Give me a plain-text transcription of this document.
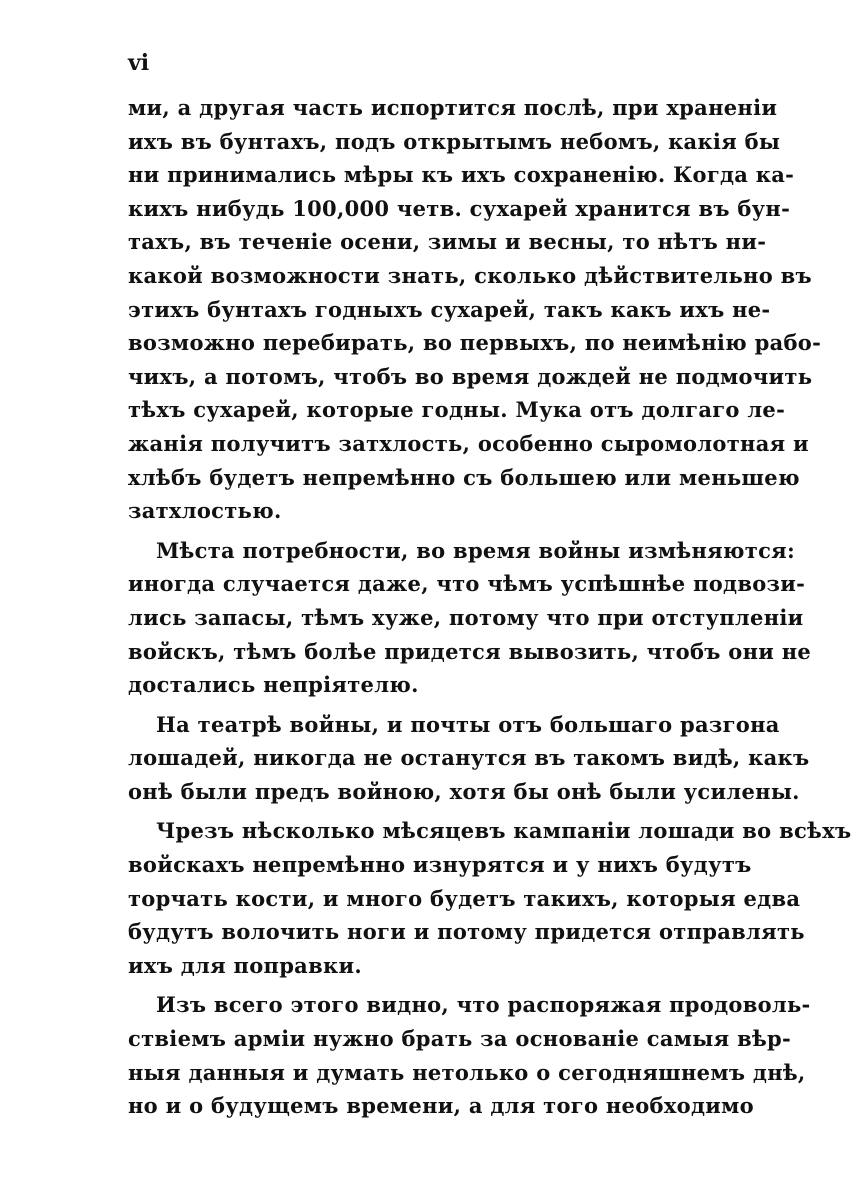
vi
ми, а другая часть испортится послѣ, при храненіи
ихъ въ бунтахъ, подъ открытымъ небомъ, какія бы
ни принимались мѣры къ ихъ сохраненію. Когда ка-
кихъ нибудь 100,000 четв. сухарей хранится въ бун-
тахъ, въ теченіе осени, зимы и весны, то нѣтъ ни-
какой возможности знать, сколько дѣйствительно въ
этихъ бунтахъ годныхъ сухарей, такъ какъ ихъ не-
возможно перебирать, во первыхъ, по неимѣнію рабо-
чихъ, а потомъ, чтобъ во время дождей не подмочить
тѣхъ сухарей, которые годны. Мука отъ долгаго ле-
жанія получитъ затхлость, особенно сыромолотная и
хлѣбъ будетъ непремѣнно съ большею или меньшею
затхлостью.
Мѣста потребности, во время войны измѣняются:
иногда случается даже, что чѣмъ успѣшнѣе подвози-
лись запасы, тѣмъ хуже, потому что при отступленіи
войскъ, тѣмъ болѣе придется вывозить, чтобъ они не
достались непріятелю.
На театрѣ войны, и почты отъ большаго разгона
лошадей, никогда не останутся въ такомъ видѣ, какъ
онѣ были предъ войною, хотя бы онѣ были усилены.
Чрезъ нѣсколько мѣсяцевъ кампаніи лошади во всѣхъ
войскахъ непремѣнно изнурятся и у нихъ будутъ
торчать кости, и много будетъ такихъ, которыя едва
будутъ волочить ноги и потому придется отправлять
ихъ для поправки.
Изъ всего этого видно, что распоряжая продоволь-
ствіемъ арміи нужно брать за основаніе самыя вѣр-
ныя данныя и думать нетолько о сегодняшнемъ днѣ,
но и о будущемъ времени, а для того необходимо
